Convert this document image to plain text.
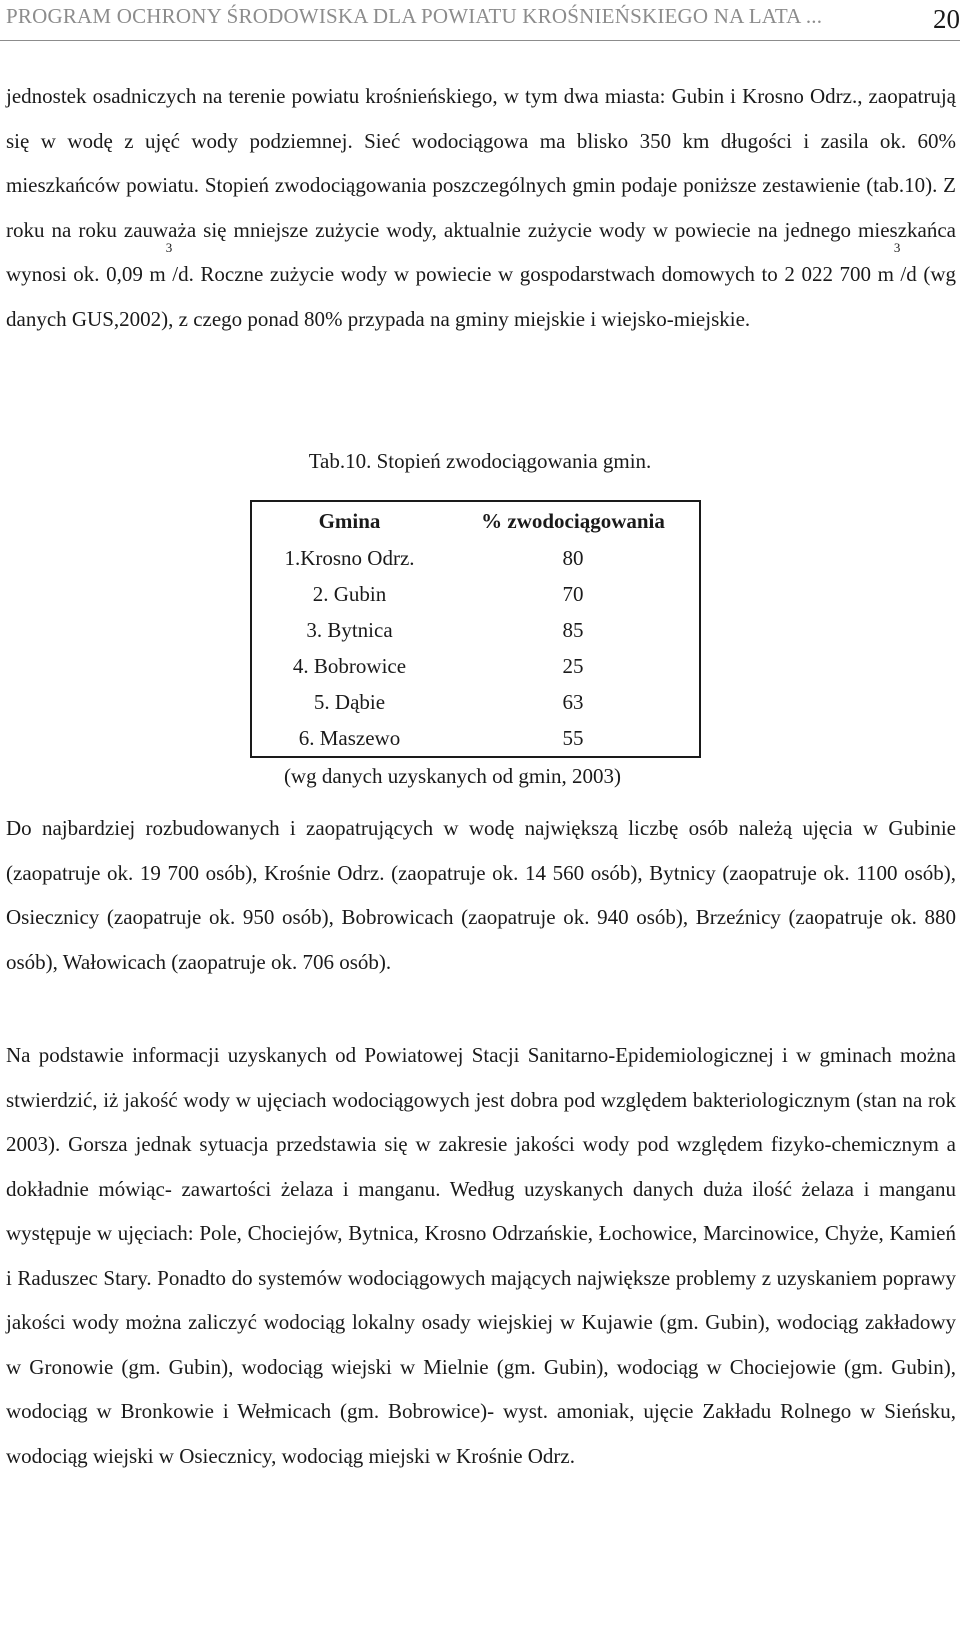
PROGRAM OCHRONY ŚRODOWISKA DLA POWIATU KROŚNIEŃSKIEGO NA LATA ...	20
jednostek osadniczych na terenie powiatu krośnieńskiego, w tym dwa miasta: Gubin i Krosno Odrz., zaopatrują się w wodę z ujęć wody podziemnej. Sieć wodociągowa ma blisko 350 km długości i zasila ok. 60% mieszkańców powiatu. Stopień zwodociągowania poszczególnych gmin podaje poniższe zestawienie (tab.10). Z roku na roku zauważa się mniejsze zużycie wody, aktualnie zużycie wody w powiecie na jednego mieszkańca wynosi ok. 0,09 $m^3/d$. Roczne zużycie wody w powiecie w gospodarstwach domowych to 2 022 700 $m^3/d$ (wg danych GUS,2002), z czego ponad 80% przypada na gminy miejskie i wiejsko-miejskie.
Tab.10. Stopień zwodociągowania gmin.
Gmina	% zwodociągowania
1.Krosno Odrz.	80
2. Gubin	70
3. Bytnica	85
4. Bobrowice	25
5. Dąbie	63
6. Maszewo	55
(wg danych uzyskanych od gmin, 2003)
Do najbardziej rozbudowanych i zaopatrujących w wodę największą liczbę osób należą ujęcia w Gubinie (zaopatruje ok. 19 700 osób), Krośnie Odrz. (zaopatruje ok. 14 560 osób), Bytnicy (zaopatruje ok. 1100 osób), Osiecznicy (zaopatruje ok. 950 osób), Bobrowicach (zaopatruje ok. 940 osób), Brzeźnicy (zaopatruje ok. 880 osób), Wałowicach (zaopatruje ok. 706 osób).
Na podstawie informacji uzyskanych od Powiatowej Stacji Sanitarno-Epidemiologicznej i w gminach można stwierdzić, iż jakość wody w ujęciach wodociągowych jest dobra pod względem bakteriologicznym (stan na rok 2003). Gorsza jednak sytuacja przedstawia się w zakresie jakości wody pod względem fizyko-chemicznym a dokładnie mówiąc- zawartości żelaza i manganu. Według uzyskanych danych duża ilość żelaza i manganu występuje w ujęciach: Pole, Chociejów, Bytnica, Krosno Odrzańskie, Łochowice, Marcinowice, Chyże, Kamień i Raduszec Stary. Ponadto do systemów wodociągowych mających największe problemy z uzyskaniem poprawy jakości wody można zaliczyć wodociąg lokalny osady wiejskiej w Kujawie (gm. Gubin), wodociąg zakładowy w Gronowie (gm. Gubin), wodociąg wiejski w Mielnie (gm. Gubin), wodociąg w Chociejowie (gm. Gubin), wodociąg w Bronkowie i Wełmicach (gm. Bobrowice)- wyst. amoniak, ujęcie Zakładu Rolnego w Sieńsku, wodociąg wiejski w Osiecznicy, wodociąg miejski w Krośnie Odrz.
